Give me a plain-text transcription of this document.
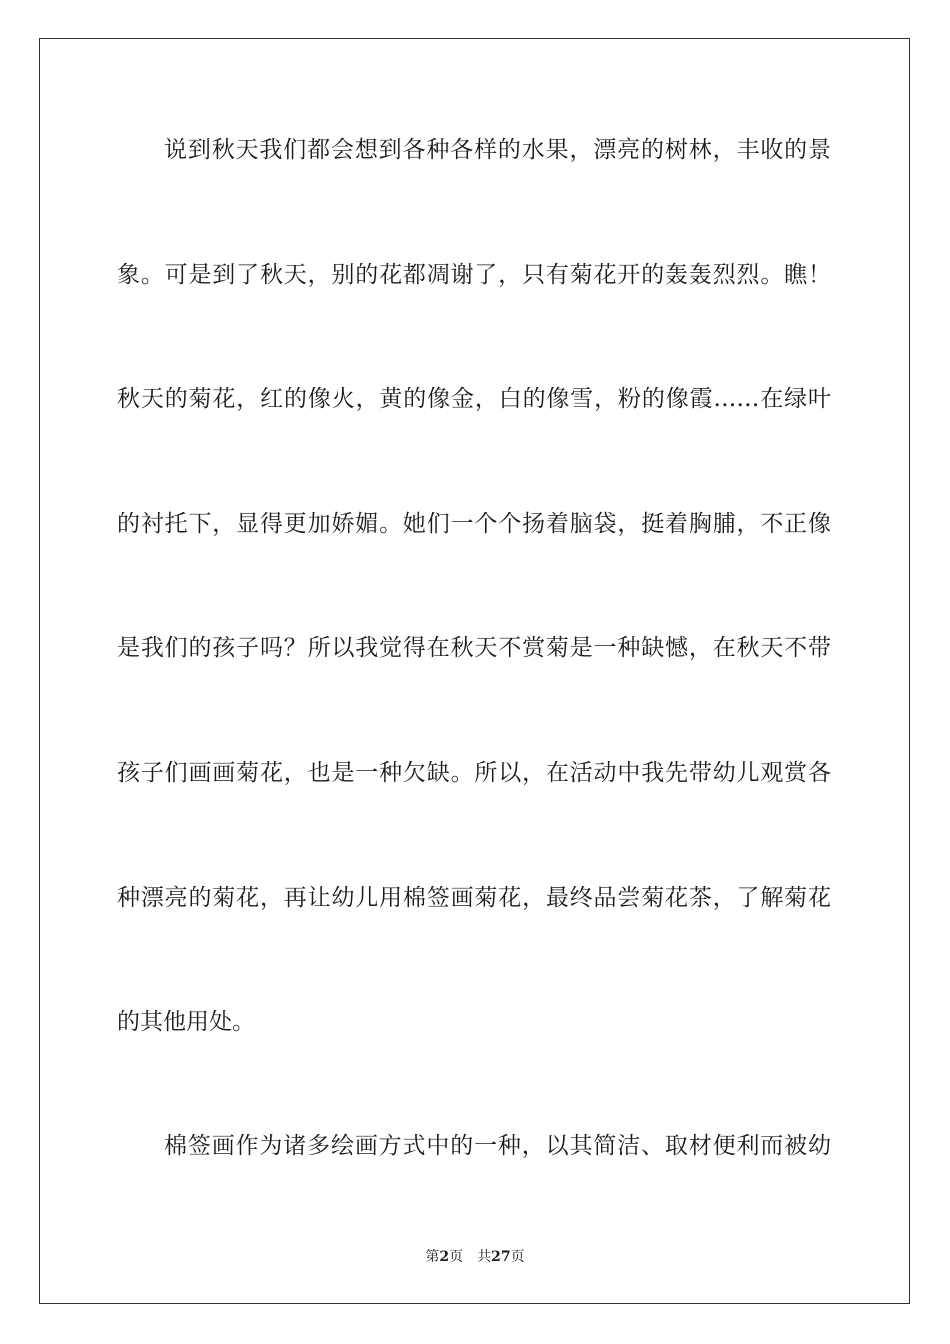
说到秋天我们都会想到各种各样的水果，漂亮的树林，丰收的景
象。可是到了秋天，别的花都凋谢了，只有菊花开的轰轰烈烈。瞧！
秋天的菊花，红的像火，黄的像金，白的像雪，粉的像霞……在绿叶
的衬托下，显得更加娇媚。她们一个个扬着脑袋，挺着胸脯，不正像
是我们的孩子吗？所以我觉得在秋天不赏菊是一种缺憾，在秋天不带
孩子们画画菊花，也是一种欠缺。所以，在活动中我先带幼儿观赏各
种漂亮的菊花，再让幼儿用棉签画菊花，最终品尝菊花茶，了解菊花
的其他用处。
棉签画作为诸多绘画方式中的一种，以其简洁、取材便利而被幼
第2页 共27页
